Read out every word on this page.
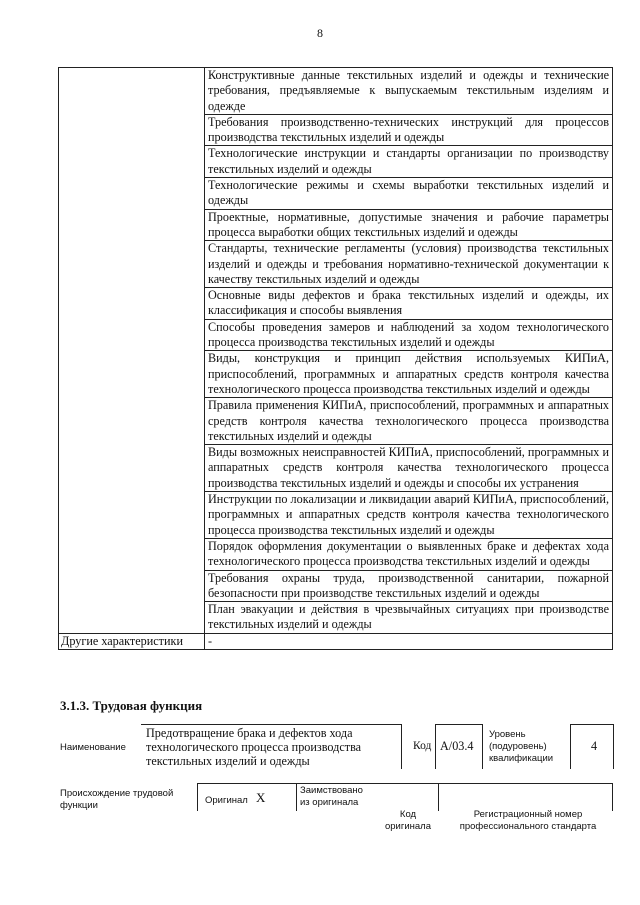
8
	Конструктивные данные текстильных изделий и одежды и технические требования, предъявляемые к выпускаемым текстильным изделиям и одежде
	Требования производственно-технических инструкций для процессов производства текстильных изделий и одежды
	Технологические инструкции и стандарты организации по производству текстильных изделий и одежды
	Технологические режимы и схемы выработки текстильных изделий и одежды
	Проектные, нормативные, допустимые значения и рабочие параметры процесса выработки общих текстильных изделий и одежды
	Стандарты, технические регламенты (условия) производства текстильных изделий и одежды и требования нормативно-технической документации к качеству текстильных изделий и одежды
	Основные виды дефектов и брака текстильных изделий и одежды, их классификация и способы выявления
	Способы проведения замеров и наблюдений за ходом технологического процесса производства текстильных изделий и одежды
	Виды, конструкция и принцип действия используемых КИПиА, приспособлений, программных и аппаратных средств контроля качества технологического процесса производства текстильных изделий и одежды
	Правила применения КИПиА, приспособлений, программных и аппаратных средств контроля качества технологического процесса производства текстильных изделий и одежды
	Виды возможных неисправностей КИПиА, приспособлений, программных и аппаратных средств контроля качества технологического процесса производства текстильных изделий и одежды и способы их устранения
	Инструкции по локализации и ликвидации аварий КИПиА, приспособлений, программных и аппаратных средств контроля качества технологического процесса производства текстильных изделий и одежды
	Порядок оформления документации о выявленных браке и дефектах хода технологического процесса производства текстильных изделий и одежды
	Требования охраны труда, производственной санитарии, пожарной безопасности при производстве текстильных изделий и одежды
	План эвакуации и действия в чрезвычайных ситуациях при производстве текстильных изделий и одежды
Другие характеристики	-
3.1.3. Трудовая функция
Наименование
Предотвращение брака и дефектов хода технологического процесса производства текстильных изделий и одежды
Код A/03.4
Уровень (подуровень) квалификации
4
Происхождение трудовой функции	Оригинал X	Заимствовано из оригинала
Код оригинала
Регистрационный номер профессионального стандарта
